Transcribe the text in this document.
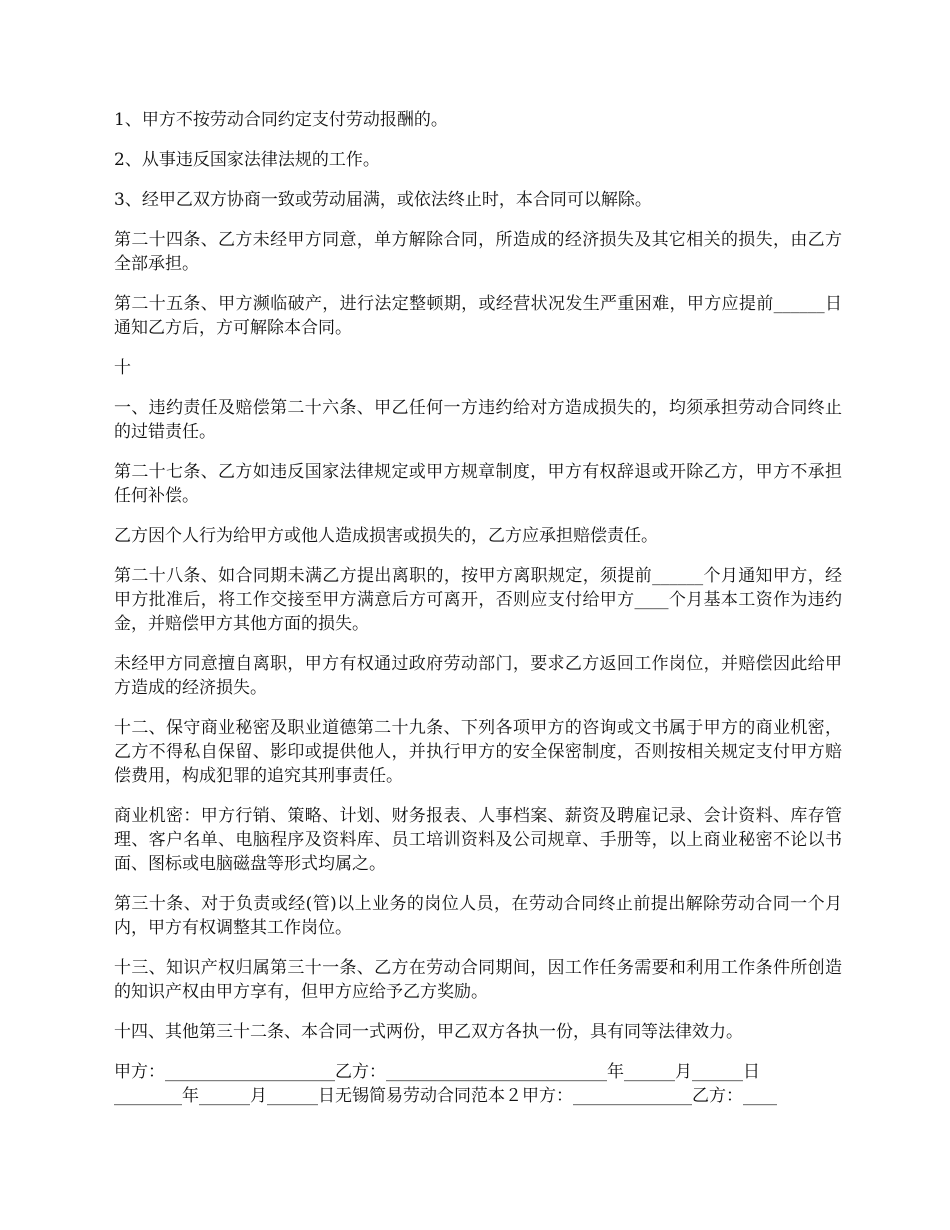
1、甲方不按劳动合同约定支付劳动报酬的。

2、从事违反国家法律法规的工作。

3、经甲乙双方协商一致或劳动届满，或依法终止时，本合同可以解除。

第二十四条、乙方未经甲方同意，单方解除合同，所造成的经济损失及其它相关的损失，由乙方全部承担。

第二十五条、甲方濒临破产，进行法定整顿期，或经营状况发生严重困难，甲方应提前______日通知乙方后，方可解除本合同。

十

一、违约责任及赔偿第二十六条、甲乙任何一方违约给对方造成损失的，均须承担劳动合同终止的过错责任。

第二十七条、乙方如违反国家法律规定或甲方规章制度，甲方有权辞退或开除乙方，甲方不承担任何补偿。

乙方因个人行为给甲方或他人造成损害或损失的，乙方应承担赔偿责任。

第二十八条、如合同期未满乙方提出离职的，按甲方离职规定，须提前______个月通知甲方，经甲方批准后，将工作交接至甲方满意后方可离开，否则应支付给甲方____个月基本工资作为违约金，并赔偿甲方其他方面的损失。

未经甲方同意擅自离职，甲方有权通过政府劳动部门，要求乙方返回工作岗位，并赔偿因此给甲方造成的经济损失。

十二、保守商业秘密及职业道德第二十九条、下列各项甲方的咨询或文书属于甲方的商业机密，乙方不得私自保留、影印或提供他人，并执行甲方的安全保密制度，否则按相关规定支付甲方赔偿费用，构成犯罪的追究其刑事责任。

商业机密：甲方行销、策略、计划、财务报表、人事档案、薪资及聘雇记录、会计资料、库存管理、客户名单、电脑程序及资料库、员工培训资料及公司规章、手册等，以上商业秘密不论以书面、图标或电脑磁盘等形式均属之。

第三十条、对于负责或经(管)以上业务的岗位人员，在劳动合同终止前提出解除劳动合同一个月内，甲方有权调整其工作岗位。

十三、知识产权归属第三十一条、乙方在劳动合同期间，因工作任务需要和利用工作条件所创造的知识产权由甲方享有，但甲方应给予乙方奖励。

十四、其他第三十二条、本合同一式两份，甲乙双方各执一份，具有同等法律效力。

甲方：____________________乙方：__________________________年______月______日

________年______月______日无锡简易劳动合同范本２甲方：______________乙方：____
